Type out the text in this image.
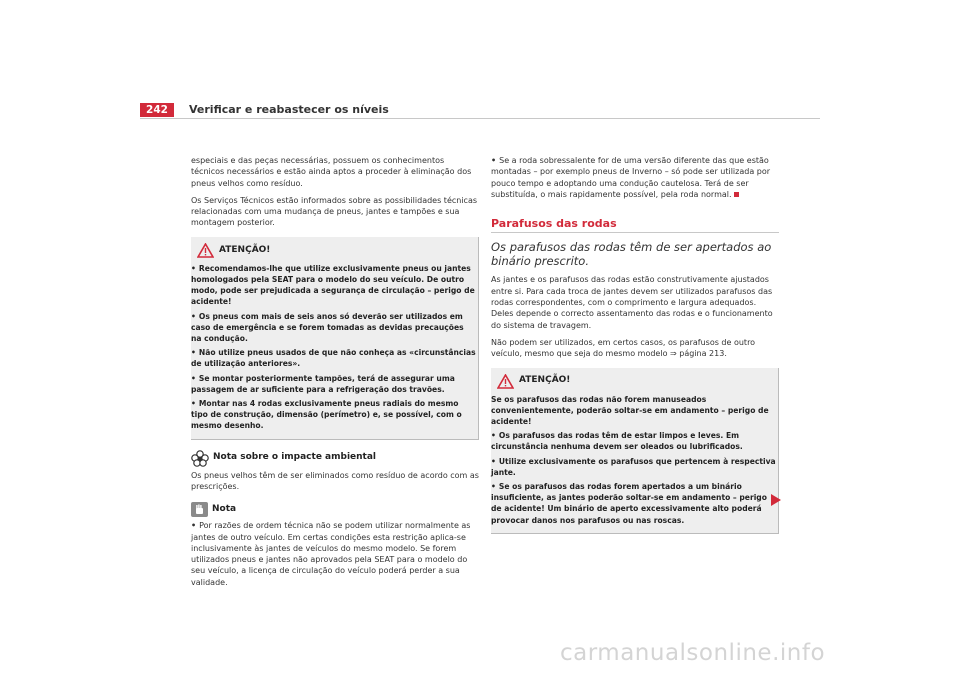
242	Verificar e reabastecer os níveis

especiais e das peças necessárias, possuem os conhecimentos técnicos necessários e estão ainda aptos a proceder à eliminação dos pneus velhos como resíduo.

Os Serviços Técnicos estão informados sobre as possibilidades técnicas relacionadas com uma mudança de pneus, jantes e tampões e sua montagem posterior.

ATENÇÃO!

• Recomendamos-lhe que utilize exclusivamente pneus ou jantes homologados pela SEAT para o modelo do seu veículo. De outro modo, pode ser prejudicada a segurança de circulação – perigo de acidente!

• Os pneus com mais de seis anos só deverão ser utilizados em caso de emergência e se forem tomadas as devidas precauções na condução.

• Não utilize pneus usados de que não conheça as «circunstâncias de utilização anteriores».

• Se montar posteriormente tampões, terá de assegurar uma passagem de ar suficiente para a refrigeração dos travões.

• Montar nas 4 rodas exclusivamente pneus radiais do mesmo tipo de construção, dimensão (perímetro) e, se possível, com o mesmo desenho.

Nota sobre o impacte ambiental

Os pneus velhos têm de ser eliminados como resíduo de acordo com as prescrições.

Nota

• Por razões de ordem técnica não se podem utilizar normalmente as jantes de outro veículo. Em certas condições esta restrição aplica-se inclusivamente às jantes de veículos do mesmo modelo. Se forem utilizados pneus e jantes não aprovados pela SEAT para o modelo do seu veículo, a licença de circulação do veículo poderá perder a sua validade.

• Se a roda sobressalente for de uma versão diferente das que estão montadas – por exemplo pneus de Inverno – só pode ser utilizada por pouco tempo e adoptando uma condução cautelosa. Terá de ser substituída, o mais rapidamente possível, pela roda normal.

Parafusos das rodas
Os parafusos das rodas têm de ser apertados ao binário prescrito.

As jantes e os parafusos das rodas estão construtivamente ajustados entre si. Para cada troca de jantes devem ser utilizados parafusos das rodas correspondentes, com o comprimento e largura adequados. Deles depende o correcto assentamento das rodas e o funcionamento do sistema de travagem.

Não podem ser utilizados, em certos casos, os parafusos de outro veículo, mesmo que seja do mesmo modelo ⇒ página 213.

ATENÇÃO!

Se os parafusos das rodas não forem manuseados convenientemente, poderão soltar-se em andamento – perigo de acidente!

• Os parafusos das rodas têm de estar limpos e leves. Em circunstância nenhuma devem ser oleados ou lubrificados.

• Utilize exclusivamente os parafusos que pertencem à respectiva jante.

• Se os parafusos das rodas forem apertados a um binário insuficiente, as jantes poderão soltar-se em andamento – perigo de acidente! Um binário de aperto excessivamente alto poderá provocar danos nos parafusos ou nas roscas.

carmanualsonline.info
